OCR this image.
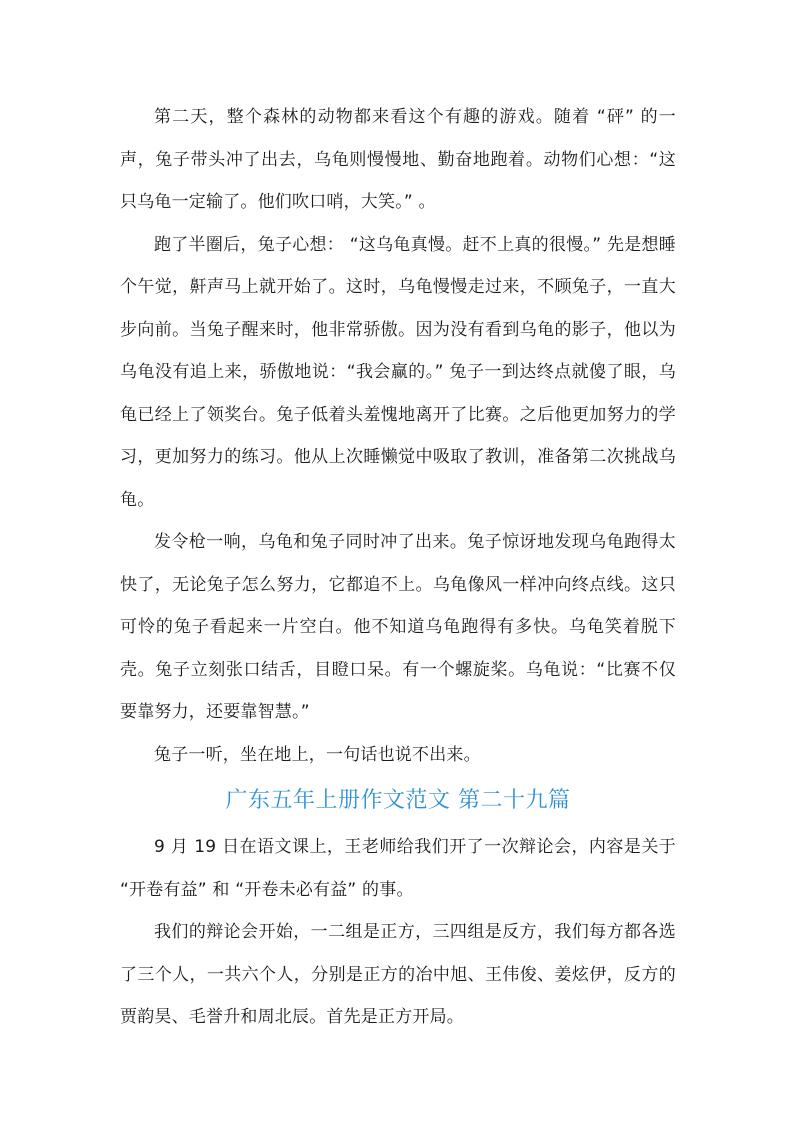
第二天，整个森林的动物都来看这个有趣的游戏。随着 “砰” 的一声，兔子带头冲了出去，乌龟则慢慢地、勤奋地跑着。动物们心想：“这只乌龟一定输了。他们吹口哨，大笑。” 。

跑了半圈后，兔子心想： “这乌龟真慢。赶不上真的很慢。” 先是想睡个午觉，鼾声马上就开始了。这时，乌龟慢慢走过来，不顾兔子，一直大步向前。当兔子醒来时，他非常骄傲。因为没有看到乌龟的影子，他以为乌龟没有追上来，骄傲地说：“我会赢的。” 兔子一到达终点就傻了眼，乌龟已经上了领奖台。兔子低着头羞愧地离开了比赛。之后他更加努力的学习，更加努力的练习。他从上次睡懒觉中吸取了教训，准备第二次挑战乌龟。

发令枪一响，乌龟和兔子同时冲了出来。兔子惊讶地发现乌龟跑得太快了，无论兔子怎么努力，它都追不上。乌龟像风一样冲向终点线。这只可怜的兔子看起来一片空白。他不知道乌龟跑得有多快。乌龟笑着脱下壳。兔子立刻张口结舌，目瞪口呆。有一个螺旋桨。乌龟说：“比赛不仅要靠努力，还要靠智慧。”

兔子一听，坐在地上，一句话也说不出来。

广东五年上册作文范文 第二十九篇

9 月 19 日在语文课上，王老师给我们开了一次辩论会，内容是关于 “开卷有益” 和 “开卷未必有益” 的事。

我们的辩论会开始，一二组是正方，三四组是反方，我们每方都各选了三个人，一共六个人，分别是正方的冶中旭、王伟俊、姜炫伊，反方的贾韵昊、毛誉升和周北辰。首先是正方开局。
